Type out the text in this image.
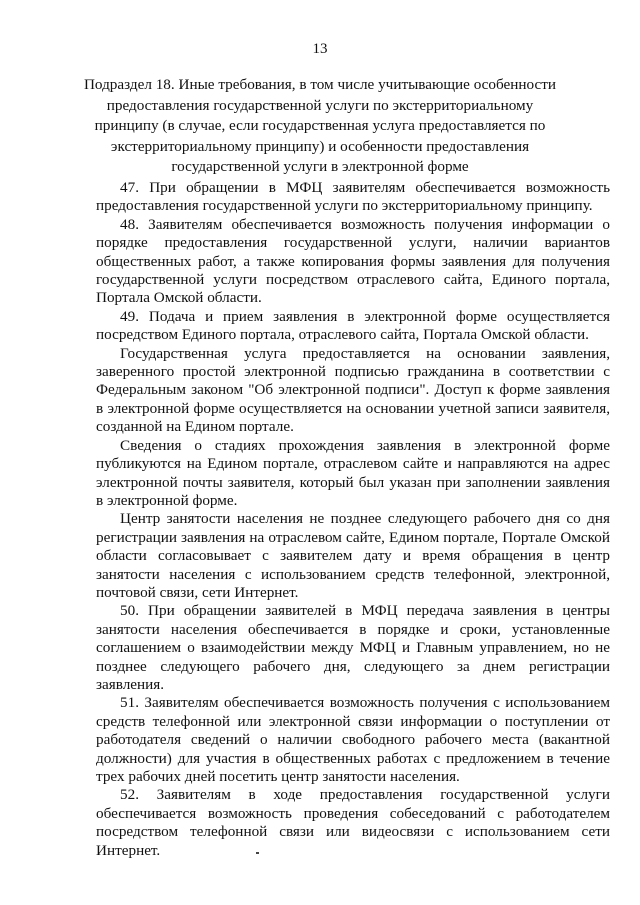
13
Подраздел 18. Иные требования, в том числе учитывающие особенности предоставления государственной услуги по экстерриториальному принципу (в случае, если государственная услуга предоставляется по экстерриториальному принципу) и особенности предоставления государственной услуги в электронной форме

47. При обращении в МФЦ заявителям обеспечивается возможность предоставления государственной услуги по экстерриториальному принципу.

48. Заявителям обеспечивается возможность получения информации о порядке предоставления государственной услуги, наличии вариантов общественных работ, а также копирования формы заявления для получения государственной услуги посредством отраслевого сайта, Единого портала, Портала Омской области.

49. Подача и прием заявления в электронной форме осуществляется посредством Единого портала, отраслевого сайта, Портала Омской области.

Государственная услуга предоставляется на основании заявления, заверенного простой электронной подписью гражданина в соответствии с Федеральным законом "Об электронной подписи". Доступ к форме заявления в электронной форме осуществляется на основании учетной записи заявителя, созданной на Едином портале.

Сведения о стадиях прохождения заявления в электронной форме публикуются на Едином портале, отраслевом сайте и направляются на адрес электронной почты заявителя, который был указан при заполнении заявления в электронной форме.

Центр занятости населения не позднее следующего рабочего дня со дня регистрации заявления на отраслевом сайте, Едином портале, Портале Омской области согласовывает с заявителем дату и время обращения в центр занятости населения с использованием средств телефонной, электронной, почтовой связи, сети Интернет.

50. При обращении заявителей в МФЦ передача заявления в центры занятости населения обеспечивается в порядке и сроки, установленные соглашением о взаимодействии между МФЦ и Главным управлением, но не позднее следующего рабочего дня, следующего за днем регистрации заявления.

51. Заявителям обеспечивается возможность получения с использованием средств телефонной или электронной связи информации о поступлении от работодателя сведений о наличии свободного рабочего места (вакантной должности) для участия в общественных работах с предложением в течение трех рабочих дней посетить центр занятости населения.

52. Заявителям в ходе предоставления государственной услуги обеспечивается возможность проведения собеседований с работодателем посредством телефонной связи или видеосвязи с использованием сети Интернет.
